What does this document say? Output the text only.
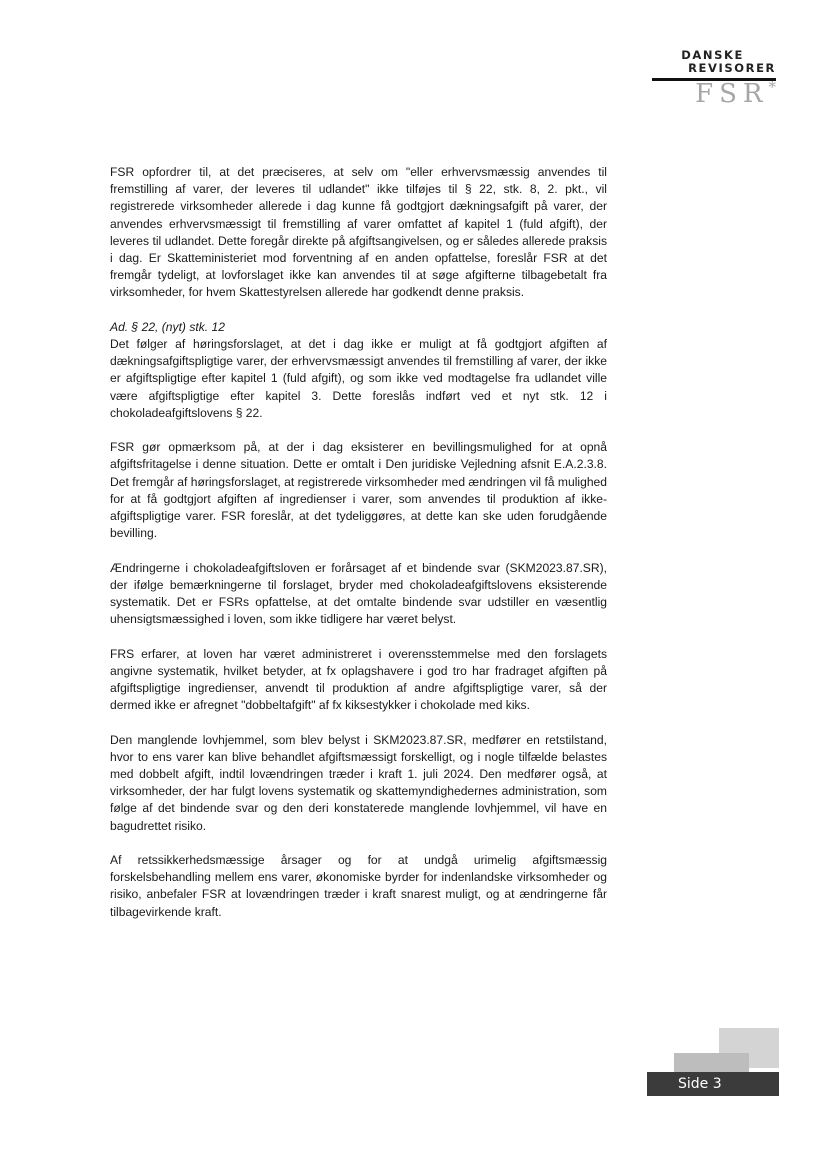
DANSKE
REVISORER
FSR*

FSR opfordrer til, at det præciseres, at selv om "eller erhvervsmæssig anvendes til fremstilling af varer, der leveres til udlandet" ikke tilføjes til § 22, stk. 8, 2. pkt., vil registrerede virksomheder allerede i dag kunne få godtgjort dækningsafgift på varer, der anvendes erhvervsmæssigt til fremstilling af varer omfattet af kapitel 1 (fuld afgift), der leveres til udlandet. Dette foregår direkte på afgiftsangivelsen, og er således allerede praksis i dag. Er Skatteministeriet mod forventning af en anden opfattelse, foreslår FSR at det fremgår tydeligt, at lovforslaget ikke kan anvendes til at søge afgifterne tilbagebetalt fra virksomheder, for hvem Skattestyrelsen allerede har godkendt denne praksis.

Ad. § 22, (nyt) stk. 12
Det følger af høringsforslaget, at det i dag ikke er muligt at få godtgjort afgiften af dækningsafgiftspligtige varer, der erhvervsmæssigt anvendes til fremstilling af varer, der ikke er afgiftspligtige efter kapitel 1 (fuld afgift), og som ikke ved modtagelse fra udlandet ville være afgiftspligtige efter kapitel 3. Dette foreslås indført ved et nyt stk. 12 i chokoladeafgiftslovens § 22.

FSR gør opmærksom på, at der i dag eksisterer en bevillingsmulighed for at opnå afgiftsfritagelse i denne situation. Dette er omtalt i Den juridiske Vejledning afsnit E.A.2.3.8. Det fremgår af høringsforslaget, at registrerede virksomheder med ændringen vil få mulighed for at få godtgjort afgiften af ingredienser i varer, som anvendes til produktion af ikke-afgiftspligtige varer. FSR foreslår, at det tydeliggøres, at dette kan ske uden forudgående bevilling.

Ændringerne i chokoladeafgiftsloven er forårsaget af et bindende svar (SKM2023.87.SR), der ifølge bemærkningerne til forslaget, bryder med chokoladeafgiftslovens eksisterende systematik. Det er FSRs opfattelse, at det omtalte bindende svar udstiller en væsentlig uhensigtsmæssighed i loven, som ikke tidligere har været belyst.

FRS erfarer, at loven har været administreret i overensstemmelse med den forslagets angivne systematik, hvilket betyder, at fx oplagshavere i god tro har fradraget afgiften på afgiftspligtige ingredienser, anvendt til produktion af andre afgiftspligtige varer, så der dermed ikke er afregnet "dobbeltafgift" af fx kiksestykker i chokolade med kiks.

Den manglende lovhjemmel, som blev belyst i SKM2023.87.SR, medfører en retstilstand, hvor to ens varer kan blive behandlet afgiftsmæssigt forskelligt, og i nogle tilfælde belastes med dobbelt afgift, indtil lovændringen træder i kraft 1. juli 2024. Den medfører også, at virksomheder, der har fulgt lovens systematik og skattemyndighedernes administration, som følge af det bindende svar og den deri konstaterede manglende lovhjemmel, vil have en bagudrettet risiko.

Af retssikkerhedsmæssige årsager og for at undgå urimelig afgiftsmæssig forskelsbehandling mellem ens varer, økonomiske byrder for indenlandske virksomheder og risiko, anbefaler FSR at lovændringen træder i kraft snarest muligt, og at ændringerne får tilbagevirkende kraft.

Side 3
